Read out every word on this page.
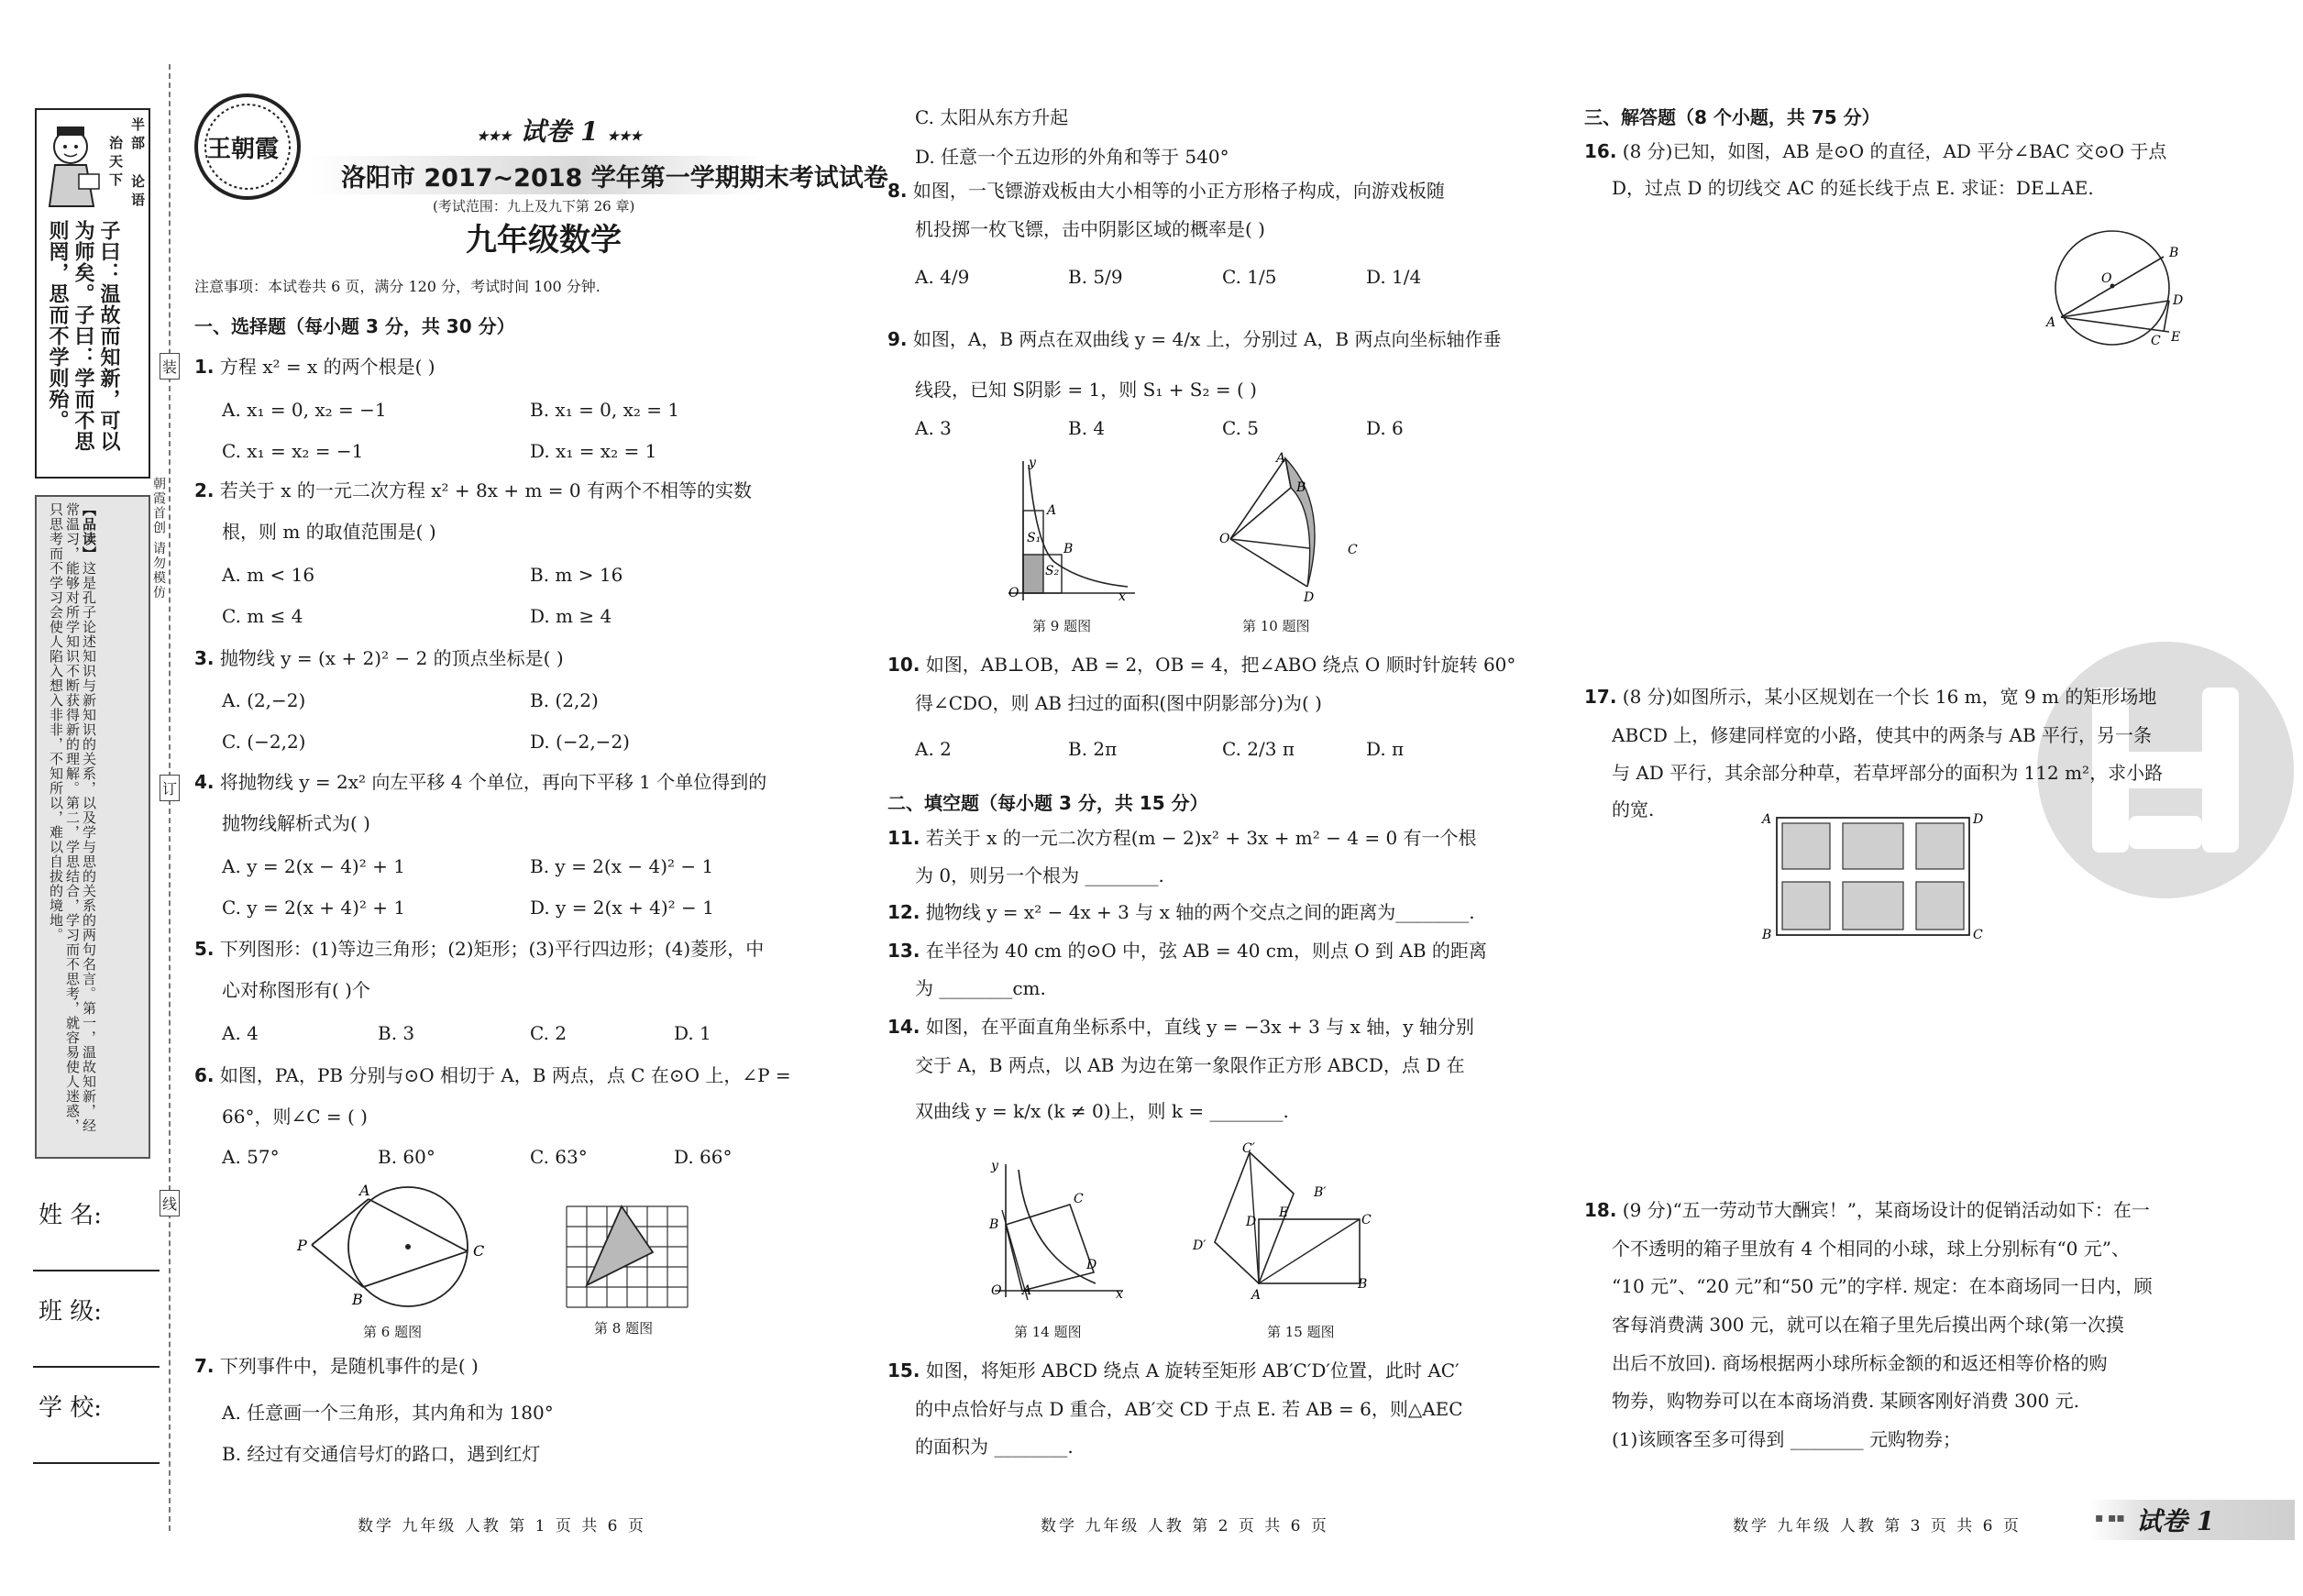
半部
治天下
论语
子曰：温故而知新，可以为师矣。子曰：学而不思则罔，思而不学则殆。
【品读】这是孔子论述知识与新知识的关系，以及学与思的关系的两句名言。第一，温故知新，经常温习，能够对所学知识不断获得新的理解。第二，学思结合，学习而不思考，就容易使人迷惑，只思考而不学习会使人陷入想入非非，不知所以，难以自拔的境地。	朝霞首创 请勿模仿
装
订
线
姓 名:
班 级:
学 校:
王朝霞	★★★ 试卷 1 ★★★
洛阳市 2017~2018 学年第一学期期末考试试卷
(考试范围：九上及九下第 26 章)
九年级数学
注意事项：本试卷共 6 页，满分 120 分，考试时间 100 分钟.
一、选择题（每小题 3 分，共 30 分）
1. 方程 x² = x 的两个根是( )
A. x₁ = 0, x₂ = −1	B. x₁ = 0, x₂ = 1
C. x₁ = x₂ = −1	D. x₁ = x₂ = 1
2. 若关于 x 的一元二次方程 x² + 8x + m = 0 有两个不相等的实数
根，则 m 的取值范围是( )
A. m < 16	B. m > 16
C. m ≤ 4	D. m ≥ 4
3. 抛物线 y = (x + 2)² − 2 的顶点坐标是( )
A. (2,−2)	B. (2,2)
C. (−2,2)	D. (−2,−2)
4. 将抛物线 y = 2x² 向左平移 4 个单位，再向下平移 1 个单位得到的
抛物线解析式为( )
A. y = 2(x − 4)² + 1	B. y = 2(x − 4)² − 1
C. y = 2(x + 4)² + 1	D. y = 2(x + 4)² − 1
5. 下列图形：(1)等边三角形；(2)矩形；(3)平行四边形；(4)菱形，中
心对称图形有( )个
A. 4	B. 3	C. 2	D. 1
6. 如图，PA，PB 分别与⊙O 相切于 A，B 两点，点 C 在⊙O 上，∠P =
66°，则∠C = ( )
A. 57°	B. 60°	C. 63°	D. 66°
A
B
P	C
第 6 题图	第 8 题图
7. 下列事件中，是随机事件的是( )
A. 任意画一个三角形，其内角和为 180°
B. 经过有交通信号灯的路口，遇到红灯
C. 太阳从东方升起
D. 任意一个五边形的外角和等于 540°
8. 如图，一飞镖游戏板由大小相等的小正方形格子构成，向游戏板随
机投掷一枚飞镖，击中阴影区域的概率是( )
A. 4/9	B. 5/9	C. 1/5	D. 1/4
9. 如图，A，B 两点在双曲线 y = 4/x 上，分别过 A，B 两点向坐标轴作垂
线段，已知 S阴影 = 1，则 S₁ + S₂ = ( )
A. 3	B. 4	C. 5	D. 6
y
A
S₁
B
S₂
O	x
第 9 题图
A
B
O
C
D
第 10 题图
10. 如图，AB⊥OB，AB = 2，OB = 4，把∠ABO 绕点 O 顺时针旋转 60°
得∠CDO，则 AB 扫过的面积(图中阴影部分)为( )
A. 2	B. 2π	C. 2/3 π	D. π
二、填空题（每小题 3 分，共 15 分）
11. 若关于 x 的一元二次方程(m − 2)x² + 3x + m² − 4 = 0 有一个根
为 0，则另一个根为 ________.
12. 抛物线 y = x² − 4x + 3 与 x 轴的两个交点之间的距离为________.
13. 在半径为 40 cm 的⊙O 中，弦 AB = 40 cm，则点 O 到 AB 的距离
为 ________cm.
14. 如图，在平面直角坐标系中，直线 y = −3x + 3 与 x 轴，y 轴分别
交于 A，B 两点，以 AB 为边在第一象限作正方形 ABCD，点 D 在
双曲线 y = k/x (k ≠ 0)上，则 k = ________.
y
C
B
D
O A	x
第 14 题图
C′
B′
D
E	C
D′
A
B
第 15 题图
15. 如图，将矩形 ABCD 绕点 A 旋转至矩形 AB′C′D′位置，此时 AC′
的中点恰好与点 D 重合，AB′交 CD 于点 E. 若 AB = 6，则△AEC
的面积为 ________.
三、解答题（8 个小题，共 75 分）
16. (8 分)已知，如图，AB 是⊙O 的直径，AD 平分∠BAC 交⊙O 于点
D，过点 D 的切线交 AC 的延长线于点 E. 求证：DE⊥AE.
B
O
D
A
C E
17. (8 分)如图所示，某小区规划在一个长 16 m，宽 9 m 的矩形场地
ABCD 上，修建同样宽的小路，使其中的两条与 AB 平行，另一条
与 AD 平行，其余部分种草，若草坪部分的面积为 112 m²，求小路
的宽.	A	D
B	C
18. (9 分)“五一劳动节大酬宾！”，某商场设计的促销活动如下：在一
个不透明的箱子里放有 4 个相同的小球，球上分别标有“0 元”、
“10 元”、“20 元”和“50 元”的字样. 规定：在本商场同一日内，顾
客每消费满 300 元，就可以在箱子里先后摸出两个球(第一次摸
出后不放回). 商场根据两小球所标金额的和返还相等价格的购
物券，购物券可以在本商场消费. 某顾客刚好消费 300 元.
(1)该顾客至多可得到 ________ 元购物券；
数学 九年级 人教 第 1 页 共 6 页	数学 九年级 人教 第 2 页 共 6 页	数学 九年级 人教 第 3 页 共 6 页	▪ ▪▪ 试卷 1
